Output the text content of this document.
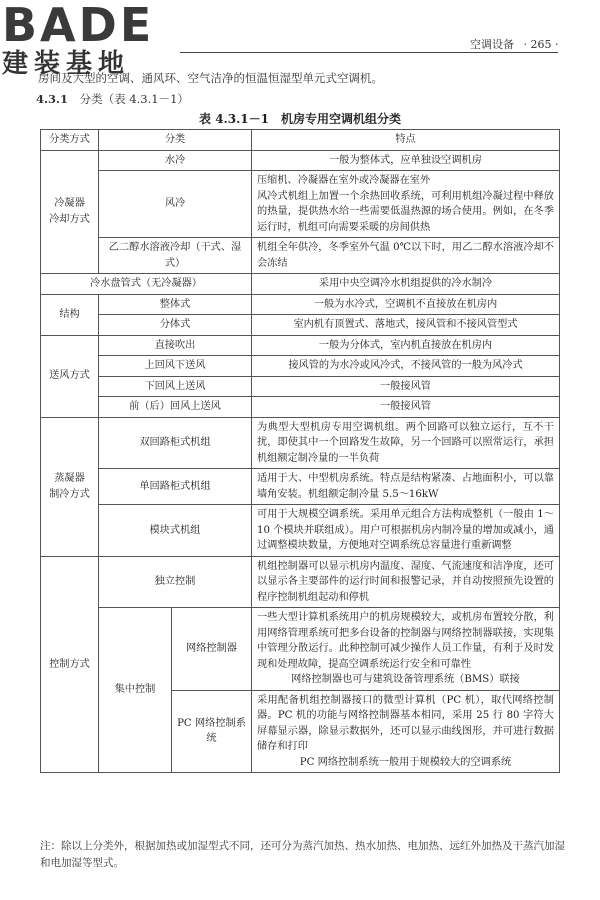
BADE
建装基地
空调设备 · 265 ·
房间及大型的空调、通风环、空气洁净的恒温恒湿型单元式空调机。
4.3.1 分类（表 4.3.1－1）
表 4.3.1－1　机房专用空调机组分类
分类方式	分类		特点
冷凝器
冷却方式	水冷		一般为整体式，应单独设空调机房
	风冷		压缩机、冷凝器在室外或冷凝器在室外
风冷式机组上加置一个余热回收系统，可利用机组冷凝过程中释放的热量，提供热水给一些需要低温热源的场合使用。例如，在冬季运行时，机组可向需要采暖的房间供热
	乙二醇水溶液冷却（干式、湿式）		机组全年供冷，冬季室外气温 0℃以下时，用乙二醇水溶液冷却不会冻结
冷水盘管式（无冷凝器）			采用中央空调冷水机组提供的冷水制冷
结构	整体式		一般为水冷式，空调机不直接放在机房内
	分体式		室内机有顶置式、落地式，接风管和不接风管型式
送风方式	直接吹出		一般为分体式，室内机直接放在机房内
	上回风下送风		接风管的为水冷或风冷式，不接风管的一般为风冷式
	下回风上送风		一般接风管
	前（后）回风上送风		一般接风管
蒸凝器
制冷方式	双回路柜式机组		为典型大型机房专用空调机组。两个回路可以独立运行，互不干扰，即使其中一个回路发生故障，另一个回路可以照常运行，承担机组额定制冷量的一半负荷
	单回路柜式机组		适用于大、中型机房系统。特点是结构紧凑、占地面积小，可以靠墙角安装。机组额定制冷量 5.5～16kW
	模块式机组		可用于大规模空调系统。采用单元组合方法构成整机（一般由 1～10 个模块并联组成）。用户可根据机房内制冷量的增加或减小，通过调整模块数量，方便地对空调系统总容量进行重新调整
控制方式	独立控制		机组控制器可以显示机房内温度、湿度、气流速度和洁净度，还可以显示各主要部件的运行时间和报警记录，并自动按照预先设置的程序控制机组起动和停机
	集中控制	网络控制器	一些大型计算机系统用户的机房规模较大，或机房布置较分散，利用网络管理系统可把多台设备的控制器与网络控制器联接，实现集中管理分散运行。此种控制可减少操作人员工作量，有利于及时发现和处理故障，提高空调系统运行安全和可靠性
网络控制器也可与建筑设备管理系统（BMS）联接

		PC 网络控制系统	采用配备机组控制器接口的微型计算机（PC 机），取代网络控制器。PC 机的功能与网络控制器基本相同，采用 25 行 80 字符大屏幕显示器，除显示数据外，还可以显示曲线图形，并可进行数据储存和打印
PC 网络控制系统一般用于规模较大的空调系统
注：除以上分类外，根据加热或加湿型式不同，还可分为蒸汽加热、热水加热、电加热、远红外加热及干蒸汽加湿和电加湿等型式。
